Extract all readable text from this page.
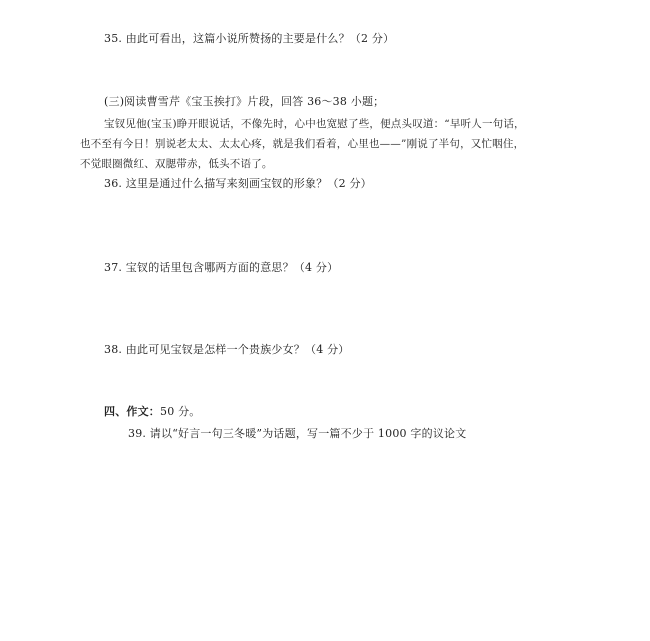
35. 由此可看出，这篇小说所赞扬的主要是什么？（2 分）
(三)阅读曹雪芹《宝玉挨打》片段，回答 36～38 小题；
宝钗见他(宝玉)睁开眼说话，不像先时，心中也宽慰了些，便点头叹道：“早听人一句话，
也不至有今日！别说老太太、太太心疼，就是我们看着，心里也——”刚说了半句，又忙咽住，
不觉眼圈微红、双腮带赤，低头不语了。
36. 这里是通过什么描写来刻画宝钗的形象？（2 分）
37. 宝钗的话里包含哪两方面的意思？（4 分）
38. 由此可见宝钗是怎样一个贵族少女？（4 分）
四、作文：50 分。
39. 请以“好言一句三冬暖”为话题，写一篇不少于 1000 字的议论文
